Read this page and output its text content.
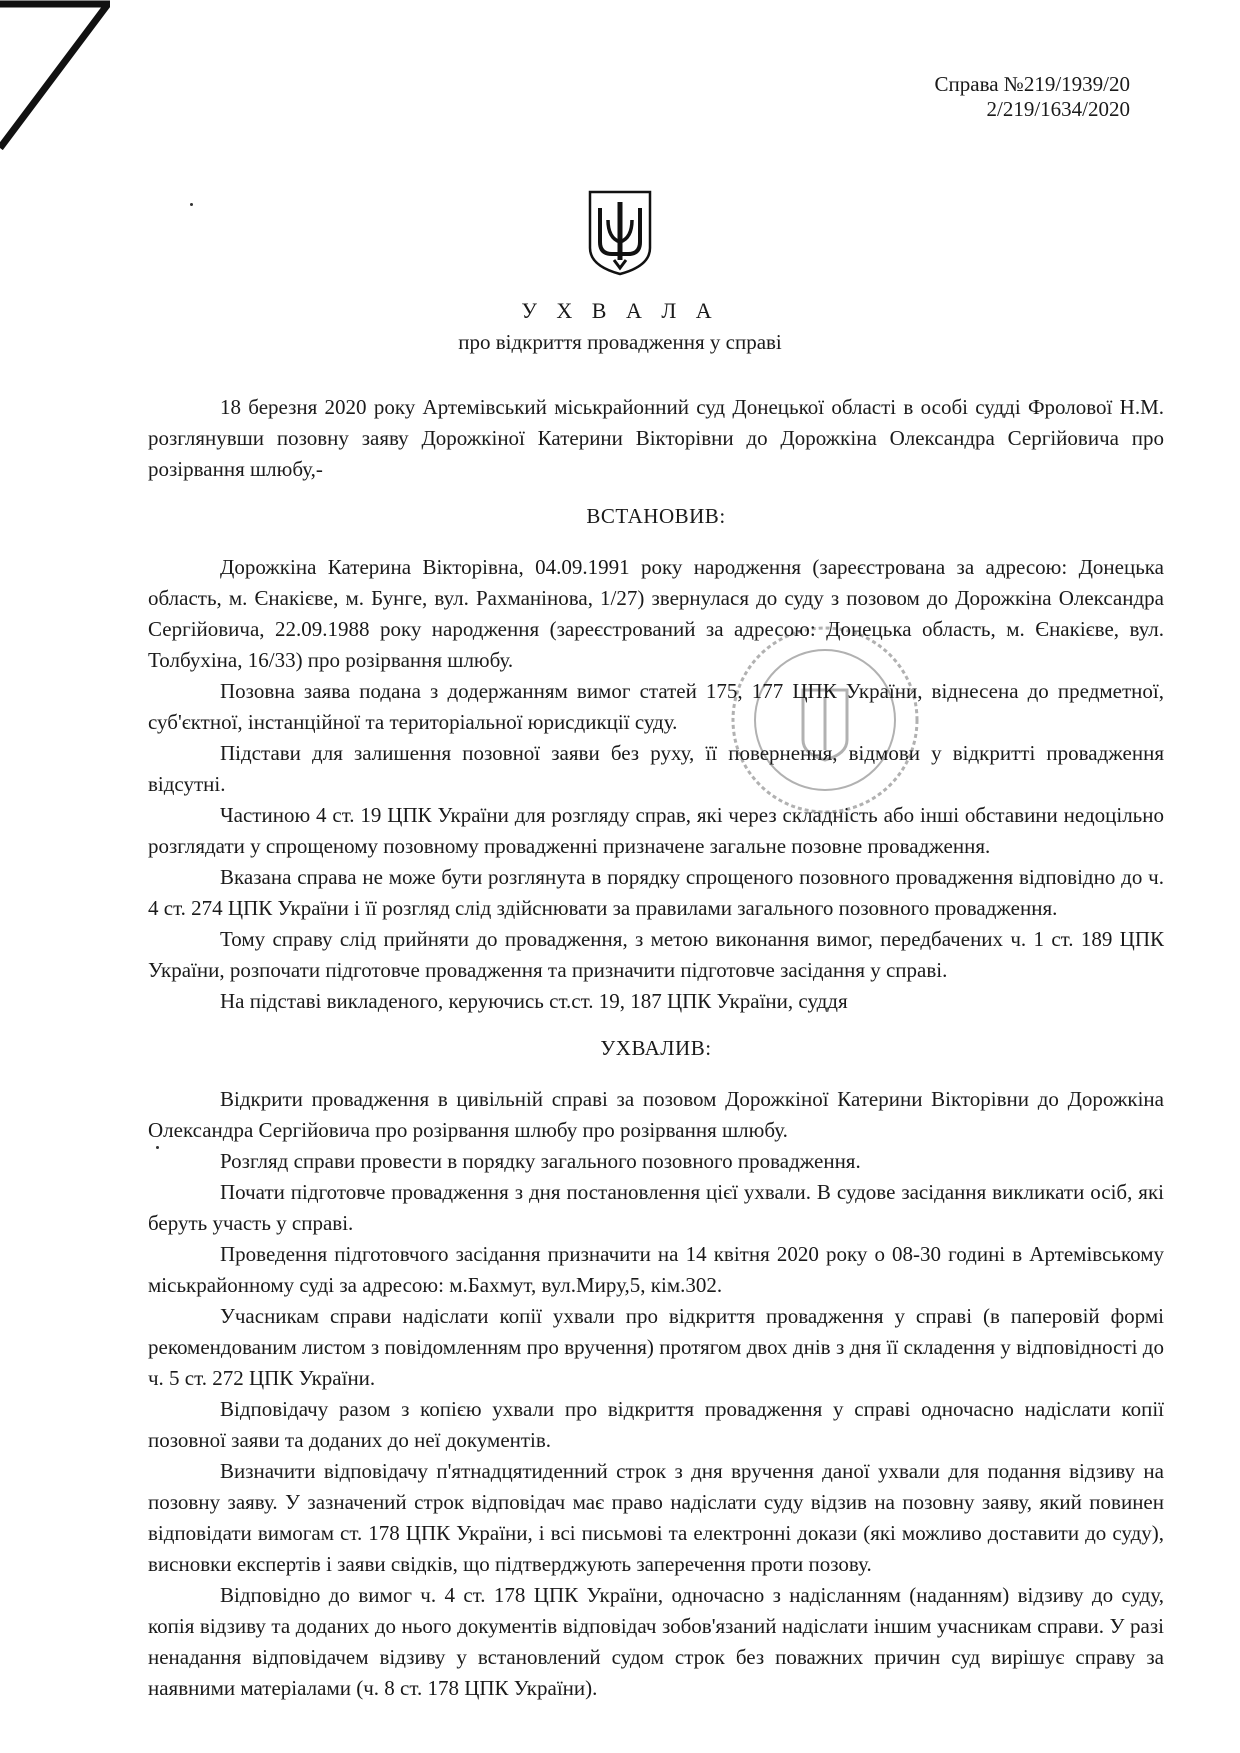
Справа №219/1939/20
2/219/1634/2020
У Х В А Л А
про відкриття провадження у справі

18 березня 2020 року Артемівський міськрайонний суд Донецької області в особі судді Фролової Н.М. розглянувши позовну заяву Дорожкіної Катерини Вікторівни до Дорожкіна Олександра Сергійовича про розірвання шлюбу,-

ВСТАНОВИВ:

Дорожкіна Катерина Вікторівна, 04.09.1991 року народження (зареєстрована за адресою: Донецька область, м. Єнакієве, м. Бунге, вул. Рахманінова, 1/27) звернулася до суду з позовом до Дорожкіна Олександра Сергійовича, 22.09.1988 року народження (зареєстрований за адресою: Донецька область, м. Єнакієве, вул. Толбухіна, 16/33) про розірвання шлюбу.

Позовна заява подана з додержанням вимог статей 175, 177 ЦПК України, віднесена до предметної, суб'єктної, інстанційної та територіальної юрисдикції суду.

Підстави для залишення позовної заяви без руху, її повернення, відмови у відкритті провадження відсутні.

Частиною 4 ст. 19 ЦПК України для розгляду справ, які через складність або інші обставини недоцільно розглядати у спрощеному позовному провадженні призначене загальне позовне провадження.

Вказана справа не може бути розглянута в порядку спрощеного позовного провадження відповідно до ч. 4 ст. 274 ЦПК України і її розгляд слід здійснювати за правилами загального позовного провадження.

Тому справу слід прийняти до провадження, з метою виконання вимог, передбачених ч. 1 ст. 189 ЦПК України, розпочати підготовче провадження та призначити підготовче засідання у справі.

На підставі викладеного, керуючись ст.ст. 19, 187 ЦПК України, суддя

УХВАЛИВ:

Відкрити провадження в цивільній справі за позовом Дорожкіної Катерини Вікторівни до Дорожкіна Олександра Сергійовича про розірвання шлюбу про розірвання шлюбу.

Розгляд справи провести в порядку загального позовного провадження.

Почати підготовче провадження з дня постановлення цієї ухвали. В судове засідання викликати осіб, які беруть участь у справі.

Проведення підготовчого засідання призначити на 14 квітня 2020 року о 08-30 годині в Артемівському міськрайонному суді за адресою: м.Бахмут, вул.Миру,5, кім.302.

Учасникам справи надіслати копії ухвали про відкриття провадження у справі (в паперовій формі рекомендованим листом з повідомленням про вручення) протягом двох днів з дня її складення у відповідності до ч. 5 ст. 272 ЦПК України.

Відповідачу разом з копією ухвали про відкриття провадження у справі одночасно надіслати копії позовної заяви та доданих до неї документів.

Визначити відповідачу п'ятнадцятиденний строк з дня вручення даної ухвали для подання відзиву на позовну заяву. У зазначений строк відповідач має право надіслати суду відзив на позовну заяву, який повинен відповідати вимогам ст. 178 ЦПК України, і всі письмові та електронні докази (які можливо доставити до суду), висновки експертів і заяви свідків, що підтверджують заперечення проти позову.

Відповідно до вимог ч. 4 ст. 178 ЦПК України, одночасно з надісланням (наданням) відзиву до суду, копія відзиву та доданих до нього документів відповідач зобов'язаний надіслати іншим учасникам справи. У разі ненадання відповідачем відзиву у встановлений судом строк без поважних причин суд вирішує справу за наявними матеріалами (ч. 8 ст. 178 ЦПК України).
